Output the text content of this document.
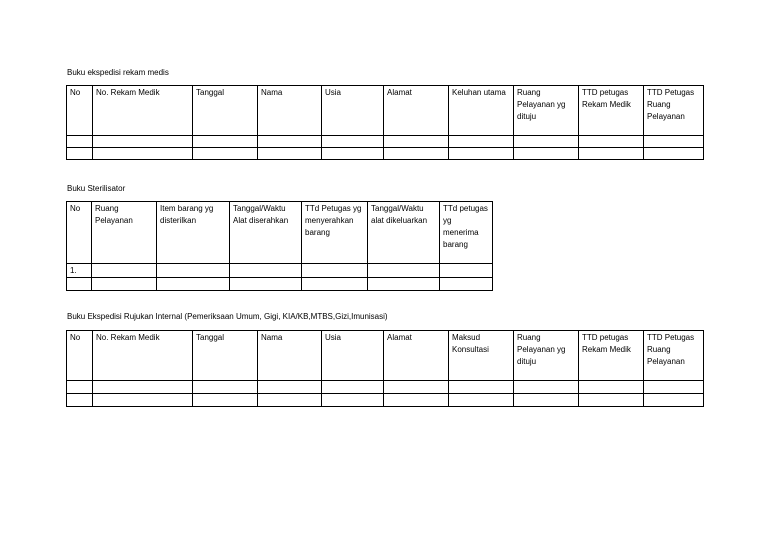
Buku ekspedisi rekam medis
No	No. Rekam Medik	Tanggal	Nama	Usia	Alamat	Keluhan utama	Ruang Pelayanan yg dituju	TTD petugas Rekam Medik	TTD Petugas Ruang Pelayanan

Buku Sterilisator
No	Ruang Pelayanan	Item barang yg disterilkan	Tanggal/Waktu Alat diserahkan	TTd Petugas yg menyerahkan barang	Tanggal/Waktu alat dikeluarkan	TTd petugas yg menerima barang
1.						

Buku Ekspedisi Rujukan Internal (Pemeriksaan Umum, Gigi, KIA/KB,MTBS,Gizi,Imunisasi)
No	No. Rekam Medik	Tanggal	Nama	Usia	Alamat	Maksud Konsultasi	Ruang Pelayanan yg dituju	TTD petugas Rekam Medik	TTD Petugas Ruang Pelayanan
